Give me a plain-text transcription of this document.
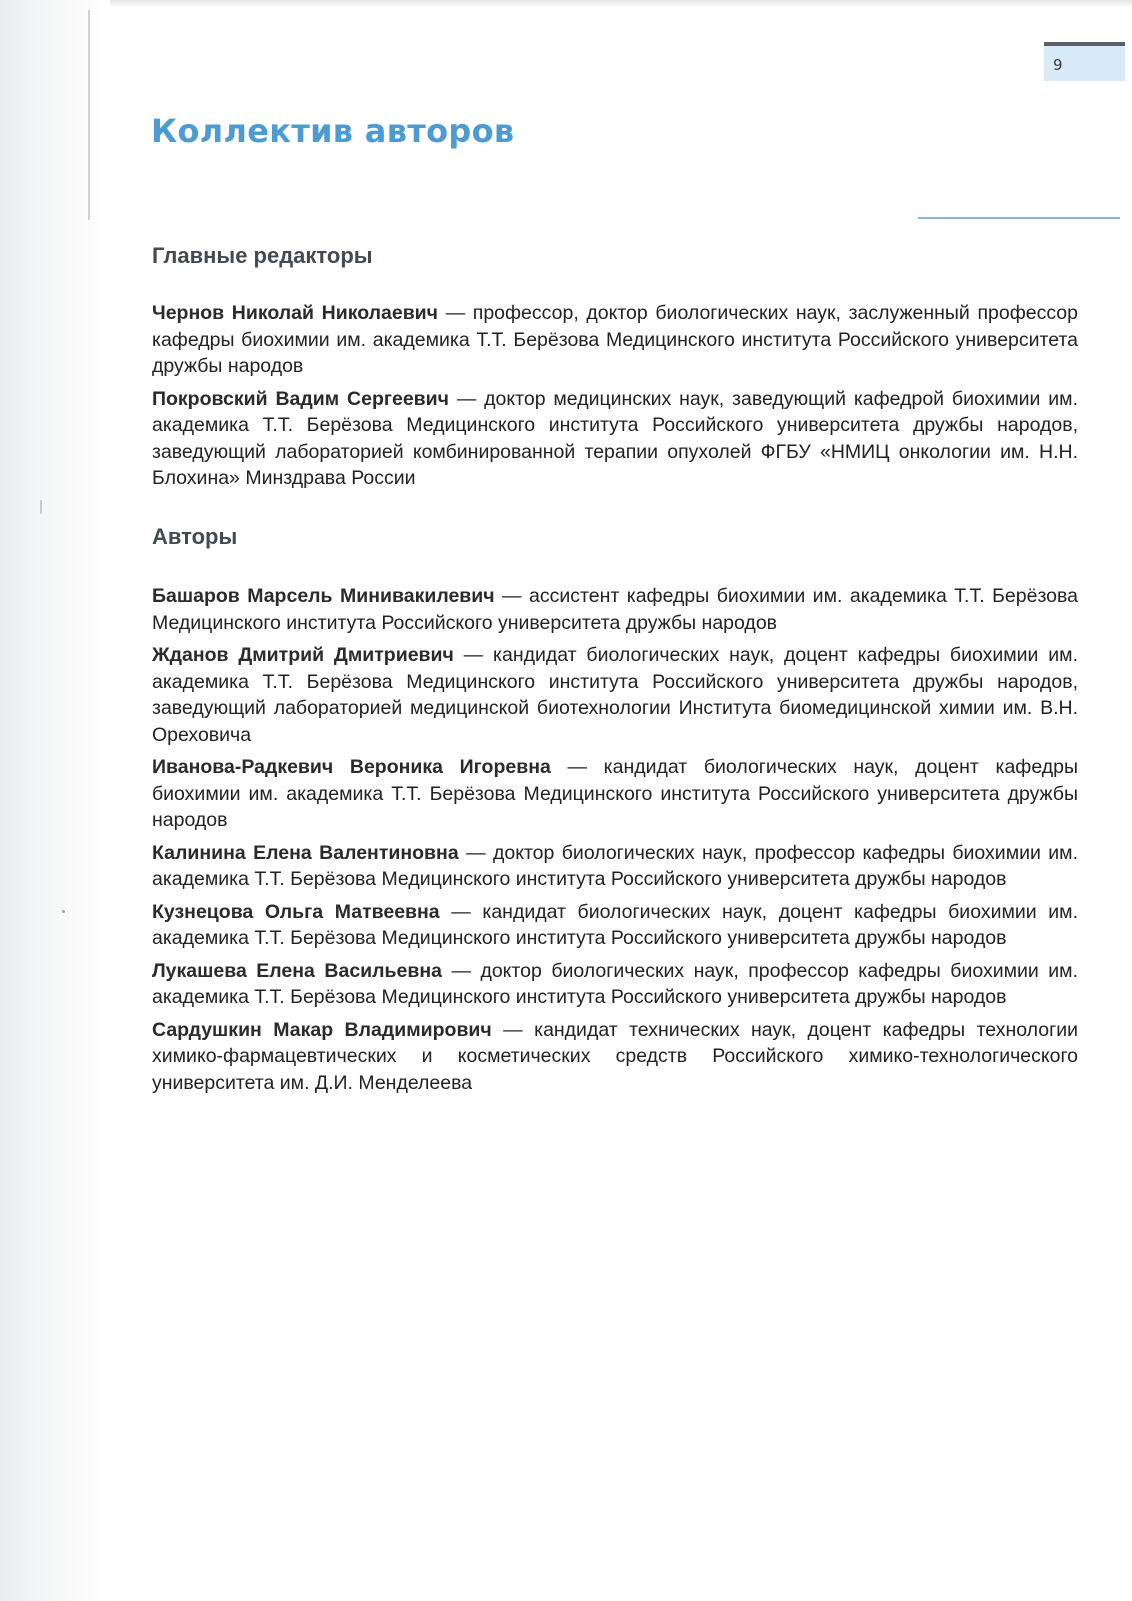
9
Коллектив авторов
Главные редакторы

Чернов Николай Николаевич — профессор, доктор биологических наук, заслуженный профессор кафедры биохимии им. академика Т.Т. Берёзова Медицинского института Российского университета дружбы народов

Покровский Вадим Сергеевич — доктор медицинских наук, заведующий кафедрой биохимии им. академика Т.Т. Берёзова Медицинского института Российского университета дружбы народов, заведующий лабораторией комбинированной терапии опухолей ФГБУ «НМИЦ онкологии им. Н.Н. Блохина» Минздрава России

Авторы

Башаров Марсель Минивакилевич — ассистент кафедры биохимии им. академика Т.Т. Берёзова Медицинского института Российского университета дружбы народов

Жданов Дмитрий Дмитриевич — кандидат биологических наук, доцент кафедры биохимии им. академика Т.Т. Берёзова Медицинского института Российского университета дружбы народов, заведующий лабораторией медицинской биотехнологии Института биомедицинской химии им. В.Н. Ореховича

Иванова-Радкевич Вероника Игоревна — кандидат биологических наук, доцент кафедры биохимии им. академика Т.Т. Берёзова Медицинского института Российского университета дружбы народов

Калинина Елена Валентиновна — доктор биологических наук, профессор кафедры биохимии им. академика Т.Т. Берёзова Медицинского института Российского университета дружбы народов

Кузнецова Ольга Матвеевна — кандидат биологических наук, доцент кафедры биохимии им. академика Т.Т. Берёзова Медицинского института Российского университета дружбы народов

Лукашева Елена Васильевна — доктор биологических наук, профессор кафедры биохимии им. академика Т.Т. Берёзова Медицинского института Российского университета дружбы народов

Сардушкин Макар Владимирович — кандидат технических наук, доцент кафедры технологии химико-фармацевтических и косметических средств Российского химико-технологического университета им. Д.И. Менделеева
